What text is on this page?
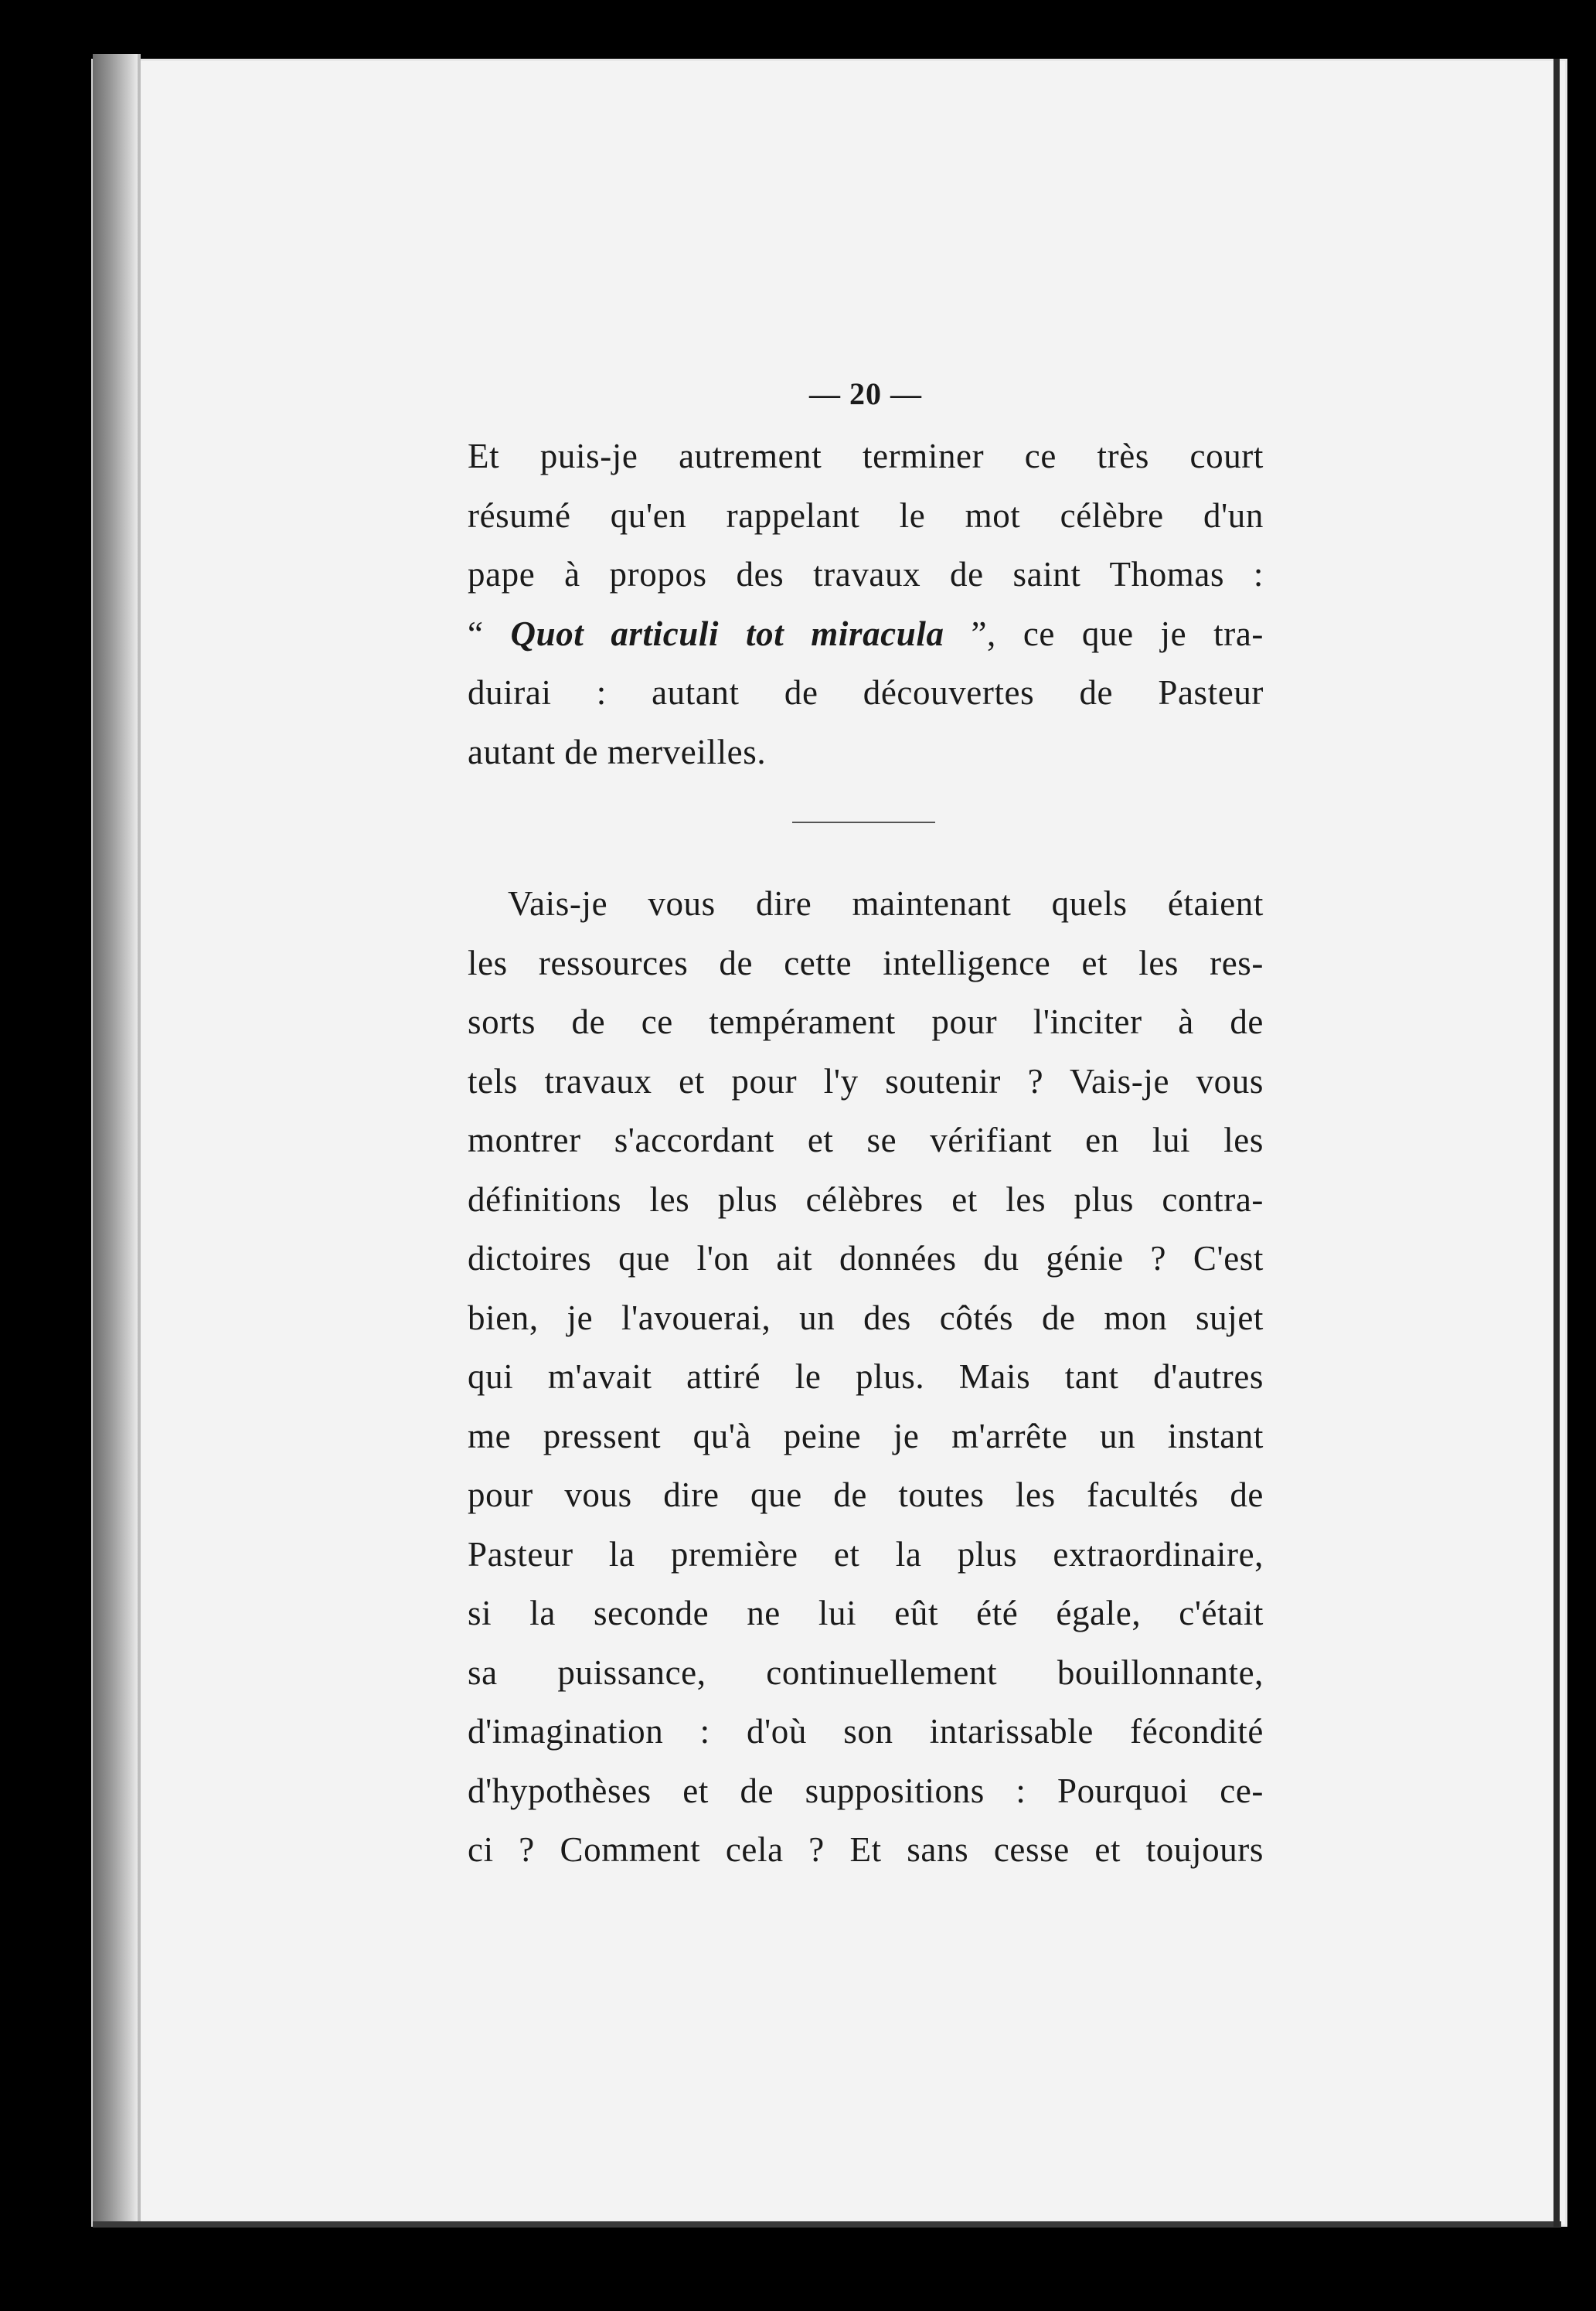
— 20 —
Et puis-je autrement terminer ce très court
résumé qu'en rappelant le mot célèbre d'un
pape à propos des travaux de saint Thomas :
“ Quot articuli tot miracula ”, ce que je tra-
duirai : autant de découvertes de Pasteur
autant de merveilles.
Vais-je vous dire maintenant quels étaient
les ressources de cette intelligence et les res-
sorts de ce tempérament pour l'inciter à de
tels travaux et pour l'y soutenir ? Vais-je vous
montrer s'accordant et se vérifiant en lui les
définitions les plus célèbres et les plus contra-
dictoires que l'on ait données du génie ? C'est
bien, je l'avouerai, un des côtés de mon sujet
qui m'avait attiré le plus. Mais tant d'autres
me pressent qu'à peine je m'arrête un instant
pour vous dire que de toutes les facultés de
Pasteur la première et la plus extraordinaire,
si la seconde ne lui eût été égale, c'était
sa puissance, continuellement bouillonnante,
d'imagination : d'où son intarissable fécondité
d'hypothèses et de suppositions : Pourquoi ce-
ci ? Comment cela ? Et sans cesse et toujours
